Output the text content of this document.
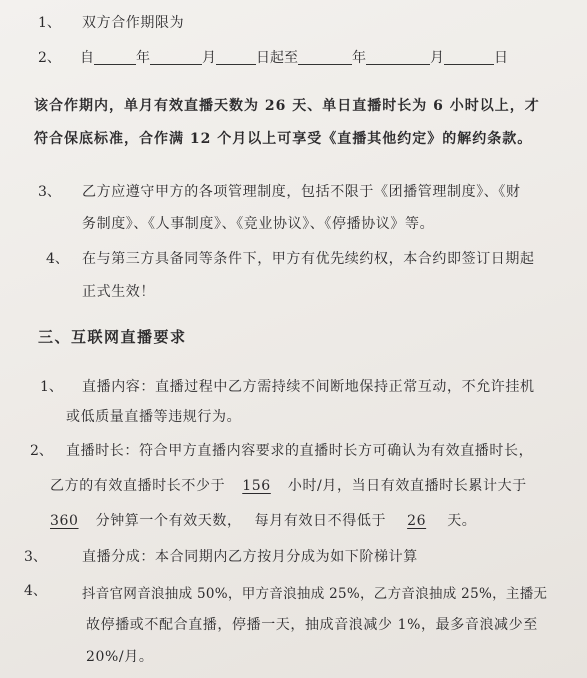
1、 双方合作期限为
2、 自	年	月	日起至	年	月	日
该合作期内，单月有效直播天数为 26 天、单日直播时长为 6 小时以上，才
符合保底标准，合作满 12 个月以上可享受《直播其他约定》的解约条款。
3、 乙方应遵守甲方的各项管理制度，包括不限于《团播管理制度》、《财
务制度》、《人事制度》、《竞业协议》、《停播协议》等。
4、 在与第三方具备同等条件下，甲方有优先续约权，本合约即签订日期起
正式生效！
三、互联网直播要求
1、 直播内容：直播过程中乙方需持续不间断地保持正常互动，不允许挂机
或低质量直播等违规行为。
2、 直播时长：符合甲方直播内容要求的直播时长方可确认为有效直播时长，
乙方的有效直播时长不少于 156 小时/月，当日有效直播时长累计大于
360 分钟算一个有效天数， 每月有效日不得低于 26 天。
3、	直播分成：本合同期内乙方按月分成为如下阶梯计算
4、	抖音官网音浪抽成 50%，甲方音浪抽成 25%，乙方音浪抽成 25%，主播无
故停播或不配合直播，停播一天，抽成音浪减少 1%，最多音浪减少至
20%/月。
